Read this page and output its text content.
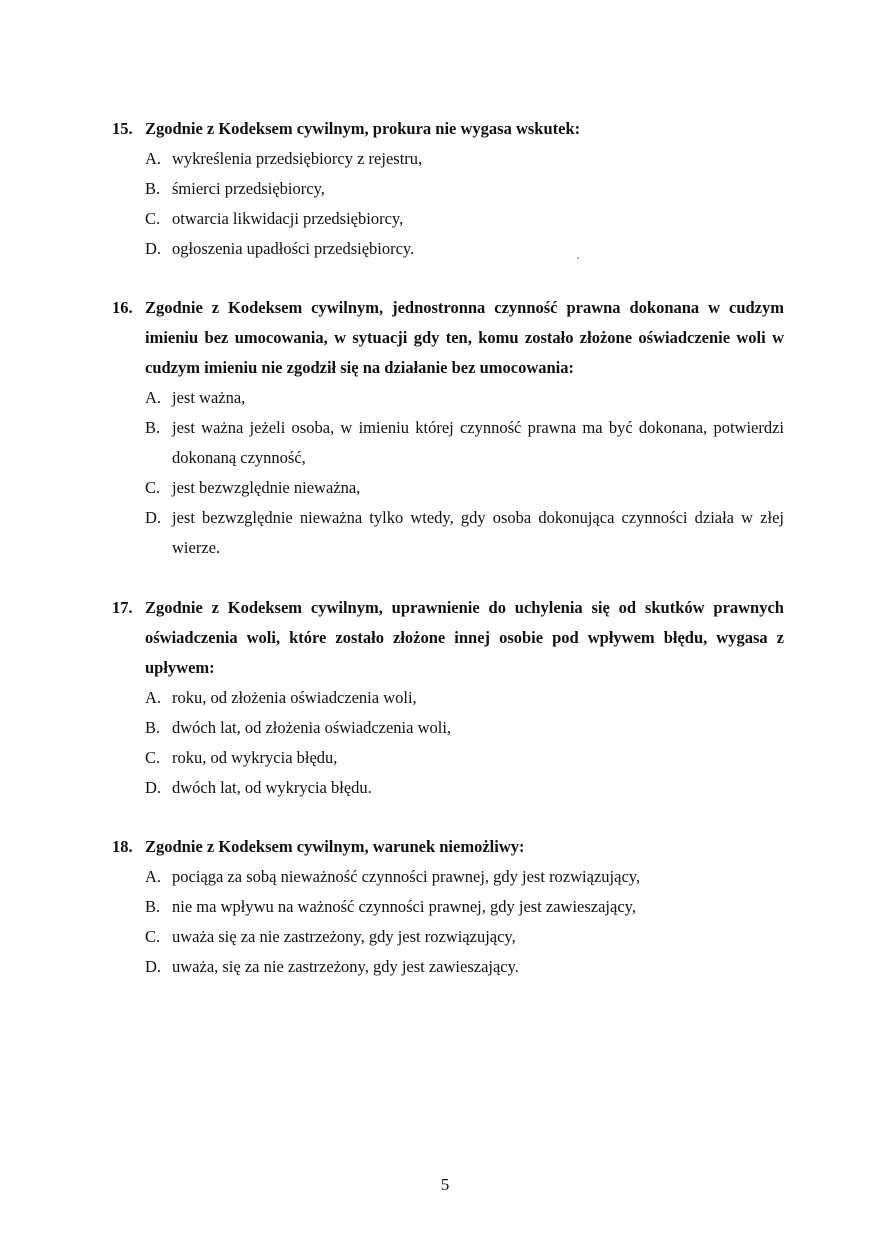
15. Zgodnie z Kodeksem cywilnym, prokura nie wygasa wskutek:
A. wykreślenia przedsiębiorcy z rejestru,
B. śmierci przedsiębiorcy,
C. otwarcia likwidacji przedsiębiorcy,
D. ogłoszenia upadłości przedsiębiorcy.
16. Zgodnie z Kodeksem cywilnym, jednostronna czynność prawna dokonana w cudzym imieniu bez umocowania, w sytuacji gdy ten, komu zostało złożone oświadczenie woli w cudzym imieniu nie zgodził się na działanie bez umocowania:
A. jest ważna,
B. jest ważna jeżeli osoba, w imieniu której czynność prawna ma być dokonana, potwierdzi dokonaną czynność,
C. jest bezwzględnie nieważna,
D. jest bezwzględnie nieważna tylko wtedy, gdy osoba dokonująca czynności działa w złej wierze.
17. Zgodnie z Kodeksem cywilnym, uprawnienie do uchylenia się od skutków prawnych oświadczenia woli, które zostało złożone innej osobie pod wpływem błędu, wygasa z upływem:
A. roku, od złożenia oświadczenia woli,
B. dwóch lat, od złożenia oświadczenia woli,
C. roku, od wykrycia błędu,
D. dwóch lat, od wykrycia błędu.
18. Zgodnie z Kodeksem cywilnym, warunek niemożliwy:
A. pociąga za sobą nieważność czynności prawnej, gdy jest rozwiązujący,
B. nie ma wpływu na ważność czynności prawnej, gdy jest zawieszający,
C. uważa się za nie zastrzeżony, gdy jest rozwiązujący,
D. uważa, się za nie zastrzeżony, gdy jest zawieszający.
5
